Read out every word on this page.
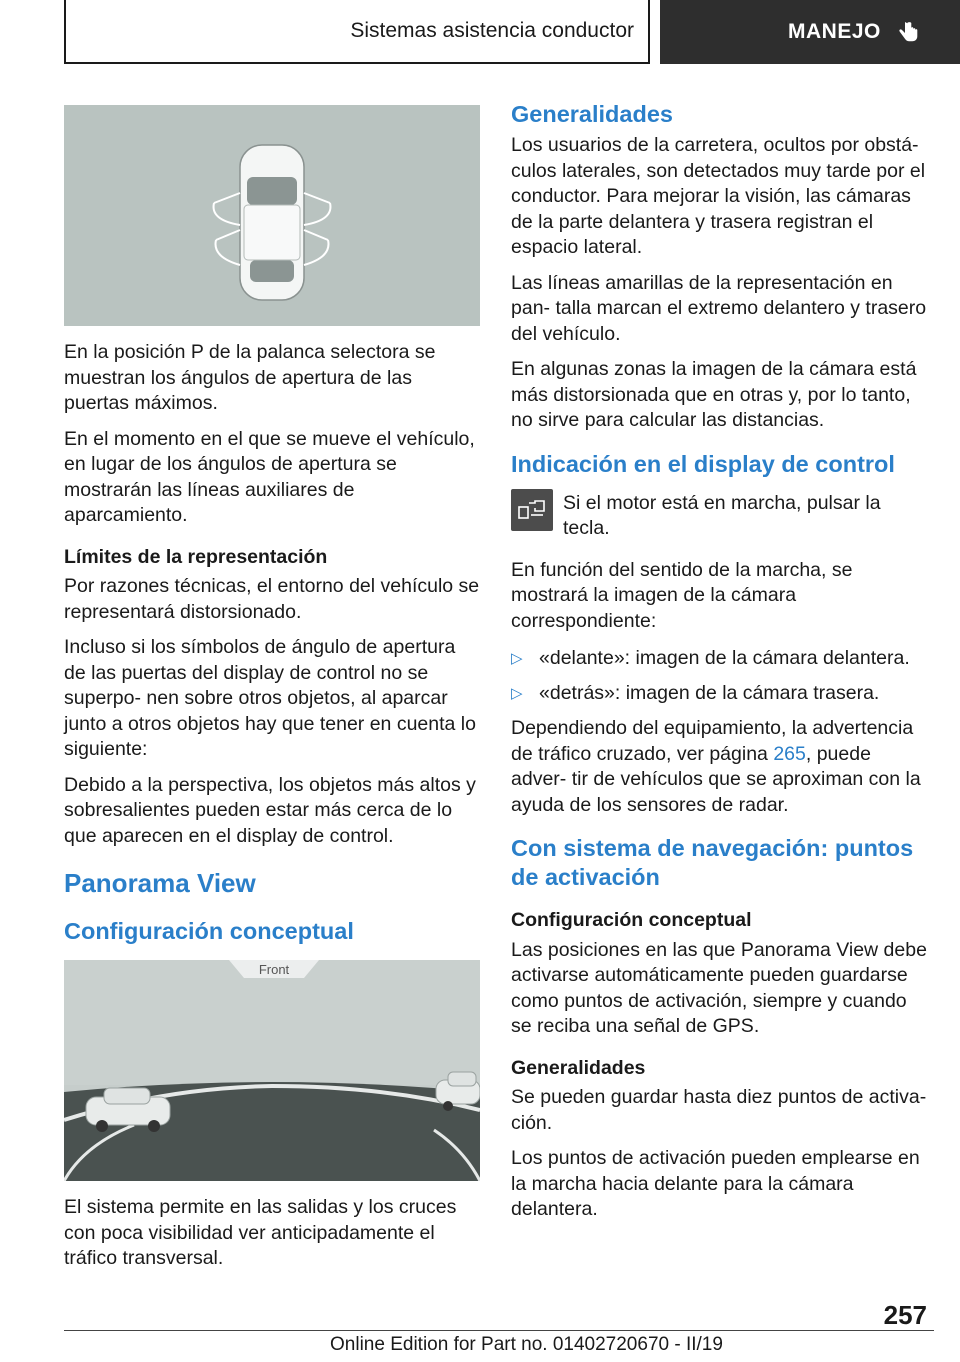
Sistemas asistencia conductor	MANEJO

En la posición P de la palanca selectora se muestran los ángulos de apertura de las puertas máximos.

En el momento en el que se mueve el vehículo, en lugar de los ángulos de apertura se mostrarán las líneas auxiliares de aparcamiento.

Límites de la representación

Por razones técnicas, el entorno del vehículo se representará distorsionado.

Incluso si los símbolos de ángulo de apertura de las puertas del display de control no se superpo- nen sobre otros objetos, al aparcar junto a otros objetos hay que tener en cuenta lo siguiente:

Debido a la perspectiva, los objetos más altos y sobresalientes pueden estar más cerca de lo que aparecen en el display de control.

Panorama View
Configuración conceptual
Front

El sistema permite en las salidas y los cruces con poca visibilidad ver anticipadamente el tráfico transversal.

Generalidades

Los usuarios de la carretera, ocultos por obstá- culos laterales, son detectados muy tarde por el conductor. Para mejorar la visión, las cámaras de la parte delantera y trasera registran el espacio lateral.

Las líneas amarillas de la representación en pan- talla marcan el extremo delantero y trasero del vehículo.

En algunas zonas la imagen de la cámara está más distorsionada que en otras y, por lo tanto, no sirve para calcular las distancias.

Indicación en el display de control

Si el motor está en marcha, pulsar la tecla.

En función del sentido de la marcha, se mostrará la imagen de la cámara correspondiente:

▷ «delante»: imagen de la cámara delantera.
▷ «detrás»: imagen de la cámara trasera.

Dependiendo del equipamiento, la advertencia de tráfico cruzado, ver página 265, puede adver- tir de vehículos que se aproximan con la ayuda de los sensores de radar.

Con sistema de navegación: puntos de activación
Configuración conceptual

Las posiciones en las que Panorama View debe activarse automáticamente pueden guardarse como puntos de activación, siempre y cuando se reciba una señal de GPS.

Generalidades

Se pueden guardar hasta diez puntos de activa- ción.

Los puntos de activación pueden emplearse en la marcha hacia delante para la cámara delantera.

257
Online Edition for Part no. 01402720670 - II/19
